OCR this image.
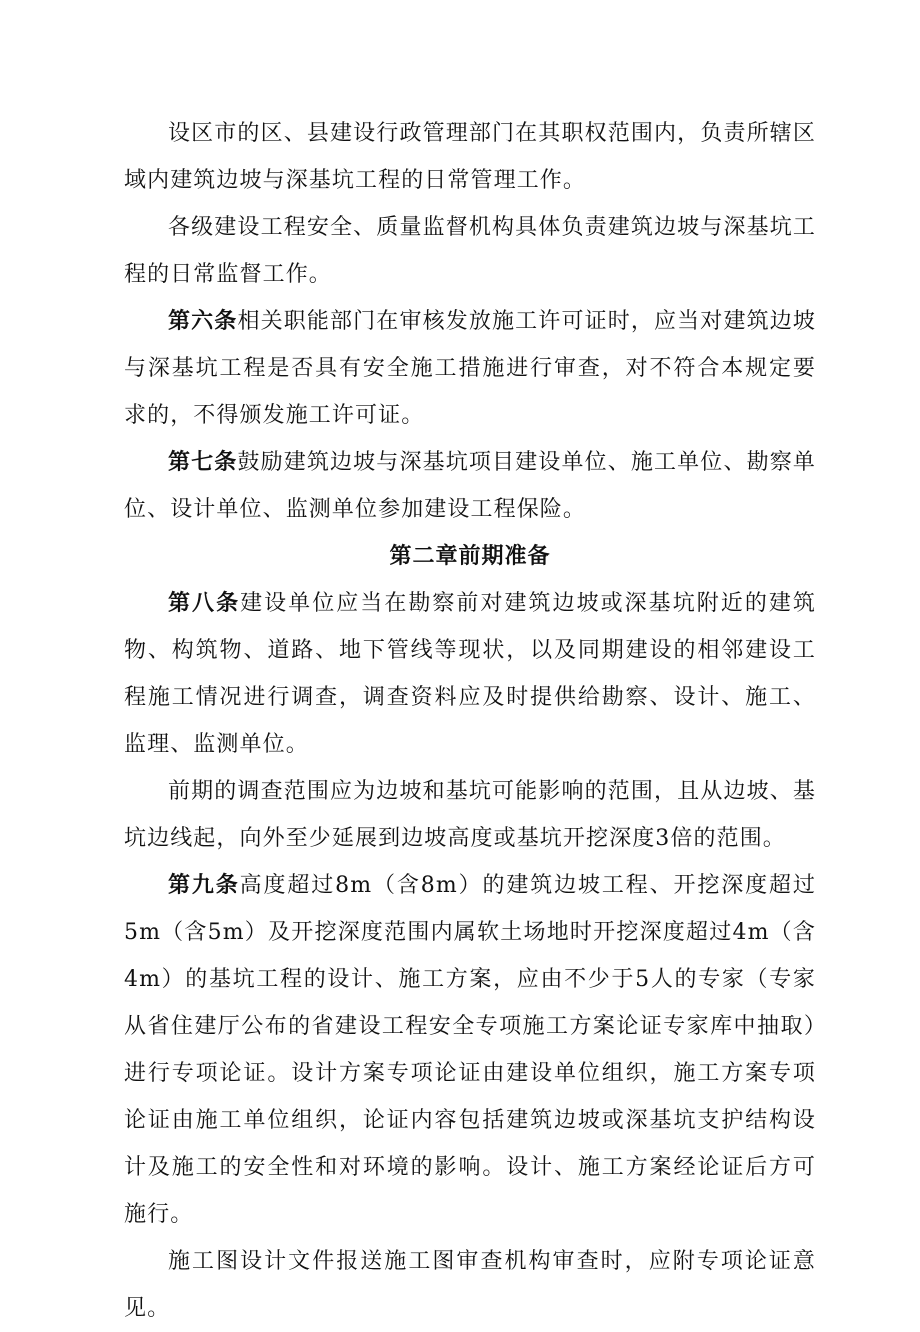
设区市的区、县建设行政管理部门在其职权范围内，负责所辖区域内建筑边坡与深基坑工程的日常管理工作。

各级建设工程安全、质量监督机构具体负责建筑边坡与深基坑工程的日常监督工作。

第六条相关职能部门在审核发放施工许可证时，应当对建筑边坡与深基坑工程是否具有安全施工措施进行审查，对不符合本规定要求的，不得颁发施工许可证。

第七条鼓励建筑边坡与深基坑项目建设单位、施工单位、勘察单位、设计单位、监测单位参加建设工程保险。

第二章前期准备

第八条建设单位应当在勘察前对建筑边坡或深基坑附近的建筑物、构筑物、道路、地下管线等现状，以及同期建设的相邻建设工程施工情况进行调查，调查资料应及时提供给勘察、设计、施工、监理、监测单位。

前期的调查范围应为边坡和基坑可能影响的范围，且从边坡、基坑边线起，向外至少延展到边坡高度或基坑开挖深度3倍的范围。

第九条高度超过8m（含8m）的建筑边坡工程、开挖深度超过5m（含5m）及开挖深度范围内属软土场地时开挖深度超过4m（含4m）的基坑工程的设计、施工方案，应由不少于5人的专家（专家从省住建厅公布的省建设工程安全专项施工方案论证专家库中抽取）进行专项论证。设计方案专项论证由建设单位组织，施工方案专项论证由施工单位组织，论证内容包括建筑边坡或深基坑支护结构设计及施工的安全性和对环境的影响。设计、施工方案经论证后方可施行。

施工图设计文件报送施工图审查机构审查时，应附专项论证意见。
